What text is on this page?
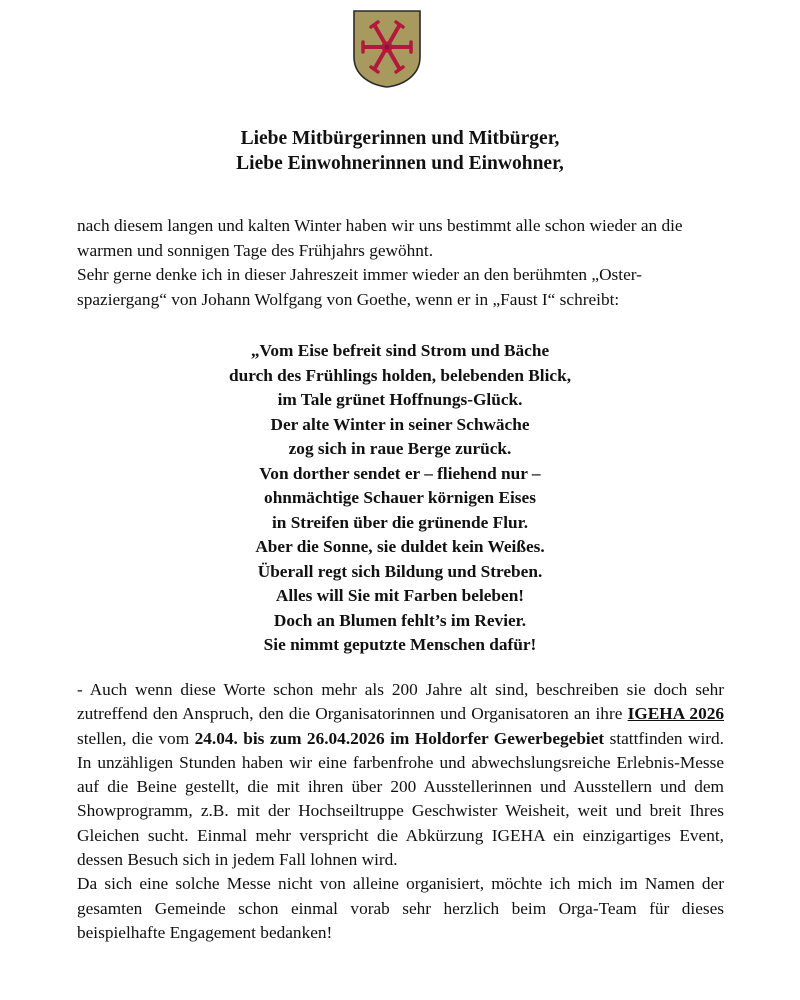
Liebe Mitbürgerinnen und Mitbürger,
Liebe Einwohnerinnen und Einwohner,

nach diesem langen und kalten Winter haben wir uns bestimmt alle schon wieder an die warmen und sonnigen Tage des Frühjahrs gewöhnt.

Sehr gerne denke ich in dieser Jahreszeit immer wieder an den berühmten „Oster-spaziergang“ von Johann Wolfgang von Goethe, wenn er in „Faust I“ schreibt:

„Vom Eise befreit sind Strom und Bäche
durch des Frühlings holden, belebenden Blick,
im Tale grünet Hoffnungs-Glück.
Der alte Winter in seiner Schwäche
zog sich in raue Berge zurück.
Von dorther sendet er – fliehend nur –
ohnmächtige Schauer körnigen Eises
in Streifen über die grünende Flur.
Aber die Sonne, sie duldet kein Weißes.
Überall regt sich Bildung und Streben.
Alles will Sie mit Farben beleben!
Doch an Blumen fehlt’s im Revier.
Sie nimmt geputzte Menschen dafür!

- Auch wenn diese Worte schon mehr als 200 Jahre alt sind, beschreiben sie doch sehr zutreffend den Anspruch, den die Organisatorinnen und Organisatoren an ihre IGEHA 2026 stellen, die vom 24.04. bis zum 26.04.2026 im Holdorfer Gewerbegebiet stattfinden wird. In unzähligen Stunden haben wir eine farbenfrohe und abwechslungsreiche Erlebnis-Messe auf die Beine gestellt, die mit ihren über 200 Ausstellerinnen und Ausstellern und dem Showprogramm, z.B. mit der Hochseiltruppe Geschwister Weisheit, weit und breit Ihres Gleichen sucht. Einmal mehr verspricht die Abkürzung IGEHA ein einzigartiges Event, dessen Besuch sich in jedem Fall lohnen wird.

Da sich eine solche Messe nicht von alleine organisiert, möchte ich mich im Namen der gesamten Gemeinde schon einmal vorab sehr herzlich beim Orga-Team für dieses beispielhafte Engagement bedanken!
